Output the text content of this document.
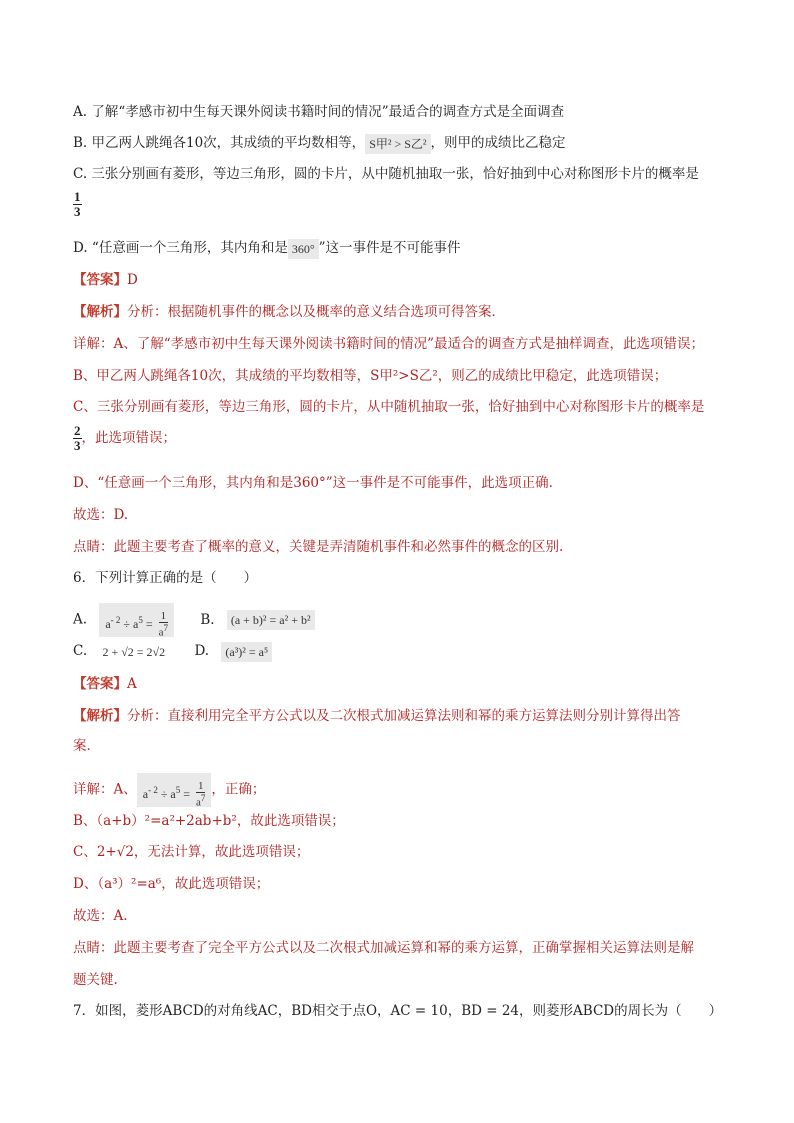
A. 了解“孝感市初中生每天课外阅读书籍时间的情况”最适合的调查方式是全面调查
B. 甲乙两人跳绳各10次，其成绩的平均数相等， S甲² > S乙² ，则甲的成绩比乙稳定
C. 三张分别画有菱形，等边三角形，圆的卡片，从中随机抽取一张，恰好抽到中心对称图形卡片的概率是
$\frac{1}{3}$
D. “任意画一个三角形，其内角和是 360° ”这一事件是不可能事件
【答案】D
【解析】分析：根据随机事件的概念以及概率的意义结合选项可得答案．
详解：A、了解“孝感市初中生每天课外阅读书籍时间的情况”最适合的调查方式是抽样调查，此选项错误；
B、甲乙两人跳绳各10次，其成绩的平均数相等，S甲²>S乙²，则乙的成绩比甲稳定，此选项错误；
C、三张分别画有菱形，等边三角形，圆的卡片，从中随机抽取一张，恰好抽到中心对称图形卡片的概率是
$\frac{2}{3}$ ，此选项错误；
D、“任意画一个三角形，其内角和是360°”这一事件是不可能事件，此选项正确.
故选：D.
点睛：此题主要考查了概率的意义，关键是弄清随机事件和必然事件的概念的区别.
6．下列计算正确的是（　　）
A. $a^{- 2} \div a^5 = \frac{1}{a^7} B$. (a + b)² = a² + b²
C. 2 + √2 = 2√2 D. (a³)² = a⁵
【答案】A
【解析】分析：直接利用完全平方公式以及二次根式加减运算法则和幂的乘方运算法则分别计算得出答
案．
详解：A、 $a^{- 2} \div a^5 = \frac{1}{a^7}$ ，正确；
B、（a+b）²=a²+2ab+b²，故此选项错误；
C、2+√2，无法计算，故此选项错误；
D、（a³）²=a⁶，故此选项错误；
故选：A.
点睛：此题主要考查了完全平方公式以及二次根式加减运算和幂的乘方运算，正确掌握相关运算法则是解
题关键.
7．如图，菱形ABCD的对角线AC，BD相交于点O，AC = 10，BD = 24，则菱形ABCD的周长为（　　）
